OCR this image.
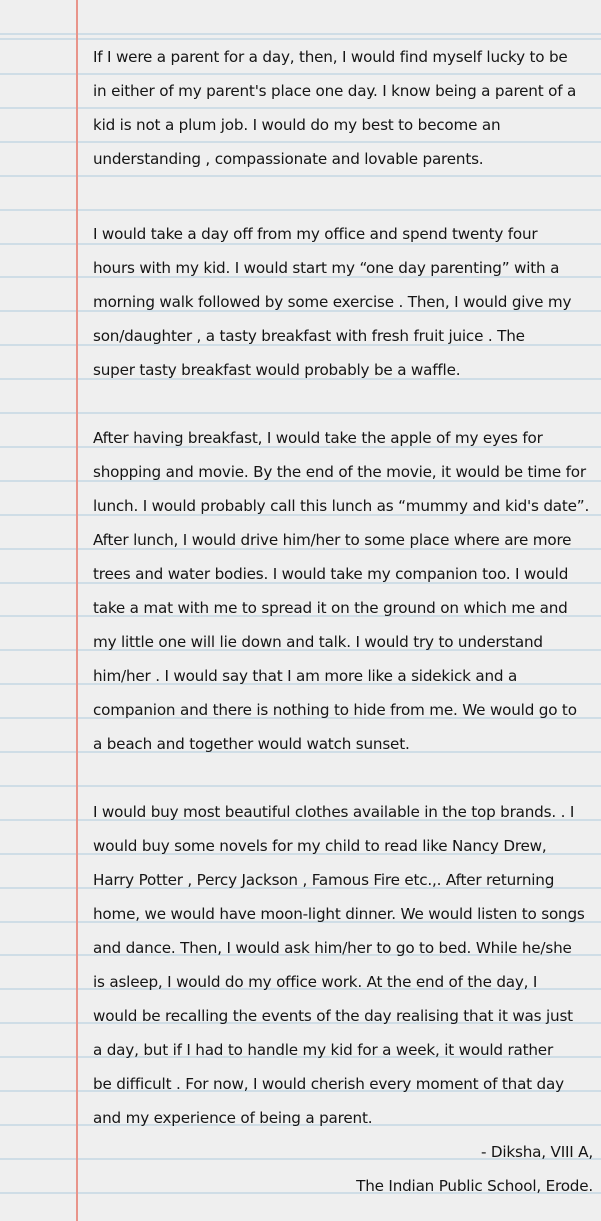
If I were a parent for a day, then, I would find myself lucky to be
in either of my parent's place one day. I know being a parent of a
kid is not a plum job. I would do my best to become an
understanding , compassionate and lovable parents.
I would take a day off from my office and spend twenty four
hours with my kid. I would start my “one day parenting” with a
morning walk followed by some exercise . Then, I would give my
son/daughter , a tasty breakfast with fresh fruit juice . The
super tasty breakfast would probably be a waffle.
After having breakfast, I would take the apple of my eyes for
shopping and movie. By the end of the movie, it would be time for
lunch. I would probably call this lunch as “mummy and kid's date”.
After lunch, I would drive him/her to some place where are more
trees and water bodies. I would take my companion too. I would
take a mat with me to spread it on the ground on which me and
my little one will lie down and talk. I would try to understand
him/her . I would say that I am more like a sidekick and a
companion and there is nothing to hide from me. We would go to
a beach and together would watch sunset.
I would buy most beautiful clothes available in the top brands. . I
would buy some novels for my child to read like Nancy Drew,
Harry Potter , Percy Jackson , Famous Fire etc.,. After returning
home, we would have moon-light dinner. We would listen to songs
and dance. Then, I would ask him/her to go to bed. While he/she
is asleep, I would do my office work. At the end of the day, I
would be recalling the events of the day realising that it was just
a day, but if I had to handle my kid for a week, it would rather
be difficult . For now, I would cherish every moment of that day
and my experience of being a parent.
- Diksha, VIII A,
The Indian Public School, Erode.
